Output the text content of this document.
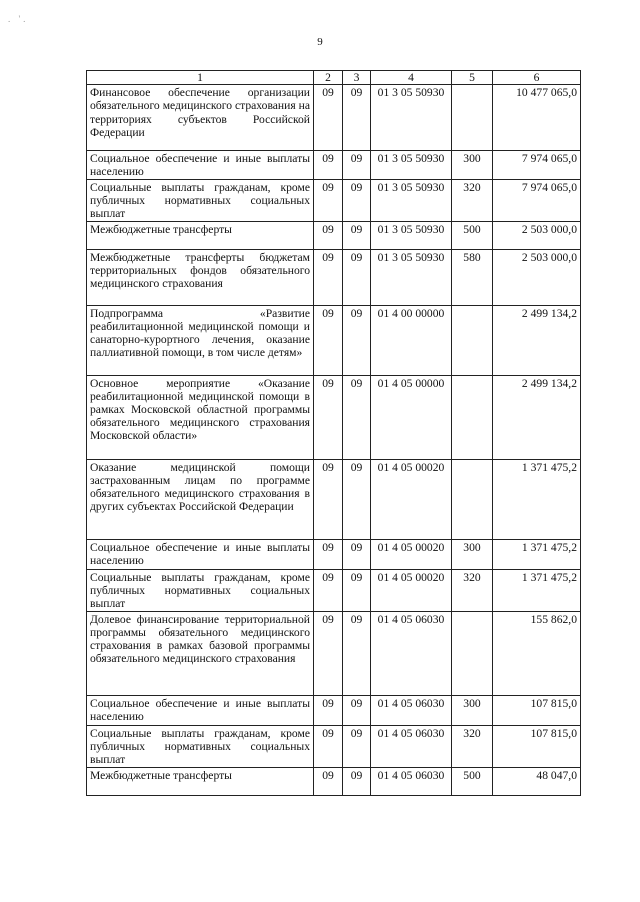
. '.
9
1	2	3	4	5	6
Финансовое обеспечение организации обязательного медицинского страхования на территориях субъектов Российской Федерации	09	09	01 3 05 50930		10 477 065,0
Социальное обеспечение и иные выплаты населению	09	09	01 3 05 50930	300	7 974 065,0
Социальные выплаты гражданам, кроме публичных нормативных социальных выплат	09	09	01 3 05 50930	320	7 974 065,0
Межбюджетные трансферты	09	09	01 3 05 50930	500	2 503 000,0
Межбюджетные трансферты бюджетам территориальных фондов обязательного медицинского страхования	09	09	01 3 05 50930	580	2 503 000,0
Подпрограмма «Развитие реабилитационной медицинской помощи и санаторно-курортного лечения, оказание паллиативной помощи, в том числе детям»	09	09	01 4 00 00000		2 499 134,2
Основное мероприятие «Оказание реабилитационной медицинской помощи в рамках Московской областной программы обязательного медицинского страхования Московской области»	09	09	01 4 05 00000		2 499 134,2
Оказание медицинской помощи застрахованным лицам по программе обязательного медицинского страхования в других субъектах Российской Федерации	09	09	01 4 05 00020		1 371 475,2
Социальное обеспечение и иные выплаты населению	09	09	01 4 05 00020	300	1 371 475,2
Социальные выплаты гражданам, кроме публичных нормативных социальных выплат	09	09	01 4 05 00020	320	1 371 475,2
Долевое финансирование территориальной программы обязательного медицинского страхования в рамках базовой программы обязательного медицинского страхования	09	09	01 4 05 06030		155 862,0
Социальное обеспечение и иные выплаты населению	09	09	01 4 05 06030	300	107 815,0
Социальные выплаты гражданам, кроме публичных нормативных социальных выплат	09	09	01 4 05 06030	320	107 815,0
Межбюджетные трансферты	09	09	01 4 05 06030	500	48 047,0
